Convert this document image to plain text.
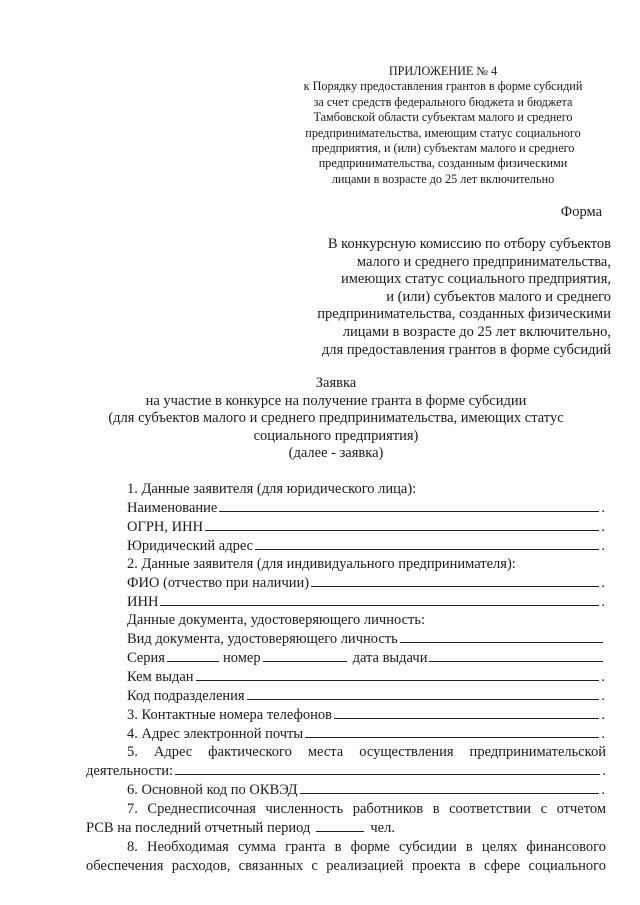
ПРИЛОЖЕНИЕ № 4
к Порядку предоставления грантов в форме субсидий
за счет средств федерального бюджета и бюджета
Тамбовской области субъектам малого и среднего
предпринимательства, имеющим статус социального
предприятия, и (или) субъектам малого и среднего
предпринимательства, созданным физическими
лицами в возрасте до 25 лет включительно
Форма
В конкурсную комиссию по отбору субъектов
малого и среднего предпринимательства,
имеющих статус социального предприятия,
и (или) субъектов малого и среднего
предпринимательства, созданных физическими
лицами в возрасте до 25 лет включительно,
для предоставления грантов в форме субсидий
Заявка
на участие в конкурсе на получение гранта в форме субсидии
(для субъектов малого и среднего предпринимательства, имеющих статус
социального предприятия)
(далее - заявка)
1. Данные заявителя (для юридического лица):
Наименование	.
ОГРН, ИНН	.
Юридический адрес	.
2. Данные заявителя (для индивидуального предпринимателя):
ФИО (отчество при наличии)	.
ИНН	.
Данные документа, удостоверяющего личность:
Вид документа, удостоверяющего личность
Серия	номер	дата выдачи
Кем выдан	.
Код подразделения	.
3. Контактные номера телефонов	.
4. Адрес электронной почты	.
5. Адрес фактического места осуществления предпринимательской
деятельности:	.
6. Основной код по ОКВЭД	.
7. Среднесписочная численность работников в соответствии с отчетом
РСВ на последний отчетный период	чел.
8. Необходимая сумма гранта в форме субсидии в целях финансового
обеспечения расходов, связанных с реализацией проекта в сфере социального
